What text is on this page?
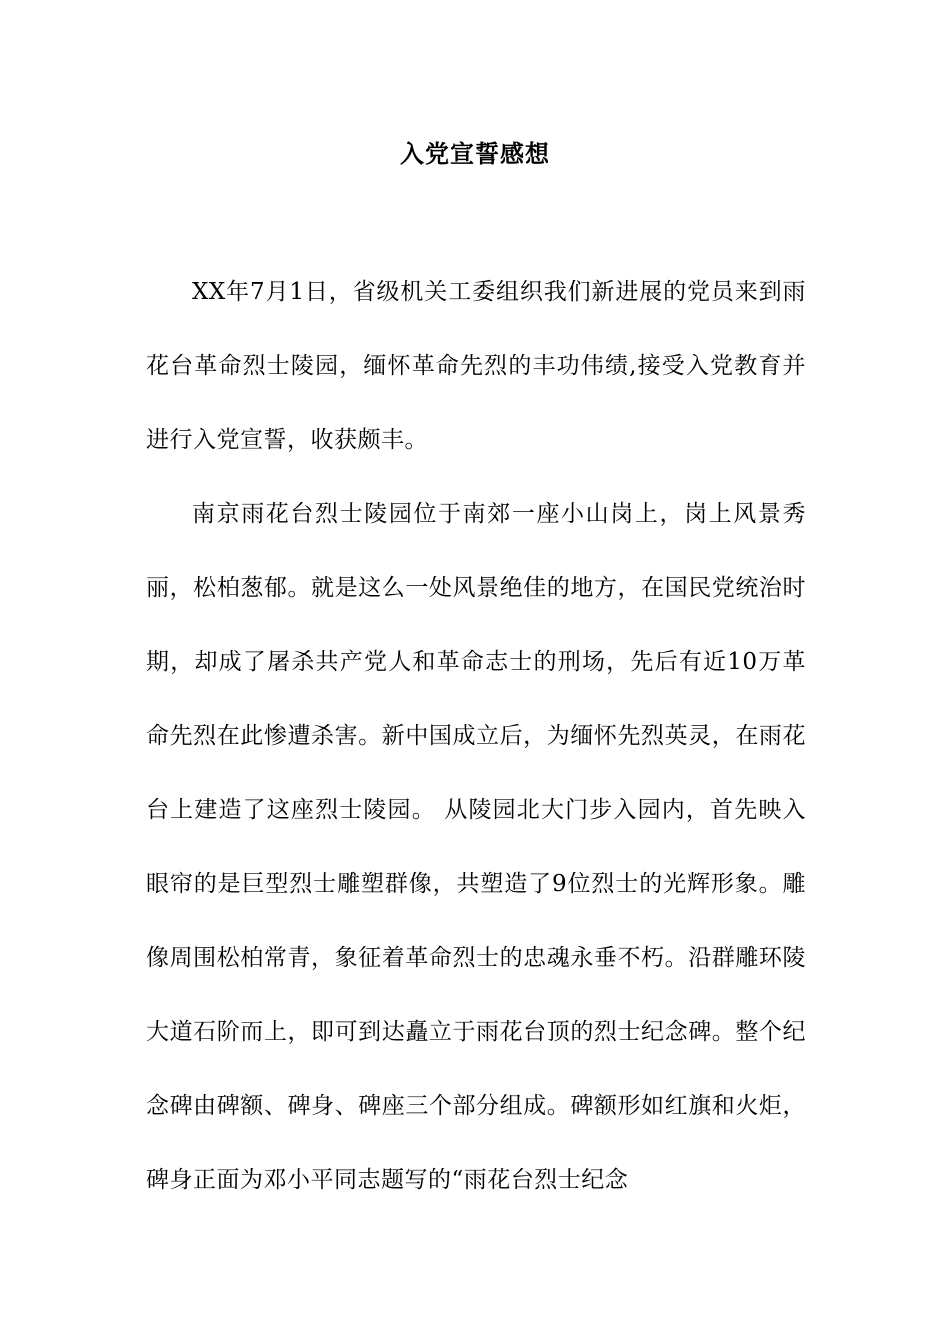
入党宣誓感想

XX年7月1日，省级机关工委组织我们新进展的党员来到雨花台革命烈士陵园，缅怀革命先烈的丰功伟绩,接受入党教育并进行入党宣誓，收获颇丰。

南京雨花台烈士陵园位于南郊一座小山岗上，岗上风景秀丽，松柏葱郁。就是这么一处风景绝佳的地方，在国民党统治时期，却成了屠杀共产党人和革命志士的刑场，先后有近10万革命先烈在此惨遭杀害。新中国成立后，为缅怀先烈英灵，在雨花台上建造了这座烈士陵园。 从陵园北大门步入园内，首先映入眼帘的是巨型烈士雕塑群像，共塑造了9位烈士的光辉形象。雕像周围松柏常青，象征着革命烈士的忠魂永垂不朽。沿群雕环陵大道石阶而上，即可到达矗立于雨花台顶的烈士纪念碑。整个纪念碑由碑额、碑身、碑座三个部分组成。碑额形如红旗和火炬，碑身正面为邓小平同志题写的“雨花台烈士纪念
